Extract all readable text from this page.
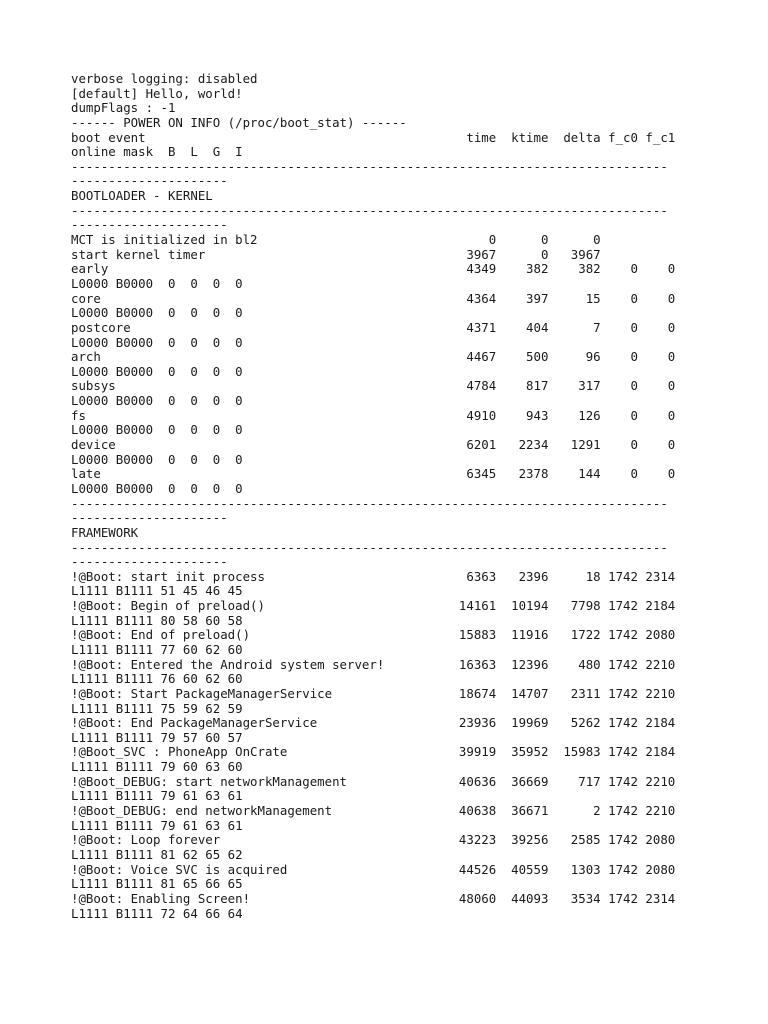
verbose logging: disabled
[default] Hello, world!
dumpFlags : -1
------ POWER ON INFO (/proc/boot_stat) ------
boot event                                           time  ktime  delta f_c0 f_c1
online mask  B  L  G  I
--------------------------------------------------------------------------------
---------------------
BOOTLOADER - KERNEL
--------------------------------------------------------------------------------
---------------------
MCT is initialized in bl2                               0      0      0
start kernel timer                                   3967      0   3967
early                                                4349    382    382    0    0
L0000 B0000  0  0  0  0
core                                                 4364    397     15    0    0
L0000 B0000  0  0  0  0
postcore                                             4371    404      7    0    0
L0000 B0000  0  0  0  0
arch                                                 4467    500     96    0    0
L0000 B0000  0  0  0  0
subsys                                               4784    817    317    0    0
L0000 B0000  0  0  0  0
fs                                                   4910    943    126    0    0
L0000 B0000  0  0  0  0
device                                               6201   2234   1291    0    0
L0000 B0000  0  0  0  0
late                                                 6345   2378    144    0    0
L0000 B0000  0  0  0  0
--------------------------------------------------------------------------------
---------------------
FRAMEWORK
--------------------------------------------------------------------------------
---------------------
!@Boot: start init process                           6363   2396     18 1742 2314
L1111 B1111 51 45 46 45
!@Boot: Begin of preload()                          14161  10194   7798 1742 2184
L1111 B1111 80 58 60 58
!@Boot: End of preload()                            15883  11916   1722 1742 2080
L1111 B1111 77 60 62 60
!@Boot: Entered the Android system server!          16363  12396    480 1742 2210
L1111 B1111 76 60 62 60
!@Boot: Start PackageManagerService                 18674  14707   2311 1742 2210
L1111 B1111 75 59 62 59
!@Boot: End PackageManagerService                   23936  19969   5262 1742 2184
L1111 B1111 79 57 60 57
!@Boot_SVC : PhoneApp OnCrate                       39919  35952  15983 1742 2184
L1111 B1111 79 60 63 60
!@Boot_DEBUG: start networkManagement               40636  36669    717 1742 2210
L1111 B1111 79 61 63 61
!@Boot_DEBUG: end networkManagement                 40638  36671      2 1742 2210
L1111 B1111 79 61 63 61
!@Boot: Loop forever                                43223  39256   2585 1742 2080
L1111 B1111 81 62 65 62
!@Boot: Voice SVC is acquired                       44526  40559   1303 1742 2080
L1111 B1111 81 65 66 65
!@Boot: Enabling Screen!                            48060  44093   3534 1742 2314
L1111 B1111 72 64 66 64
